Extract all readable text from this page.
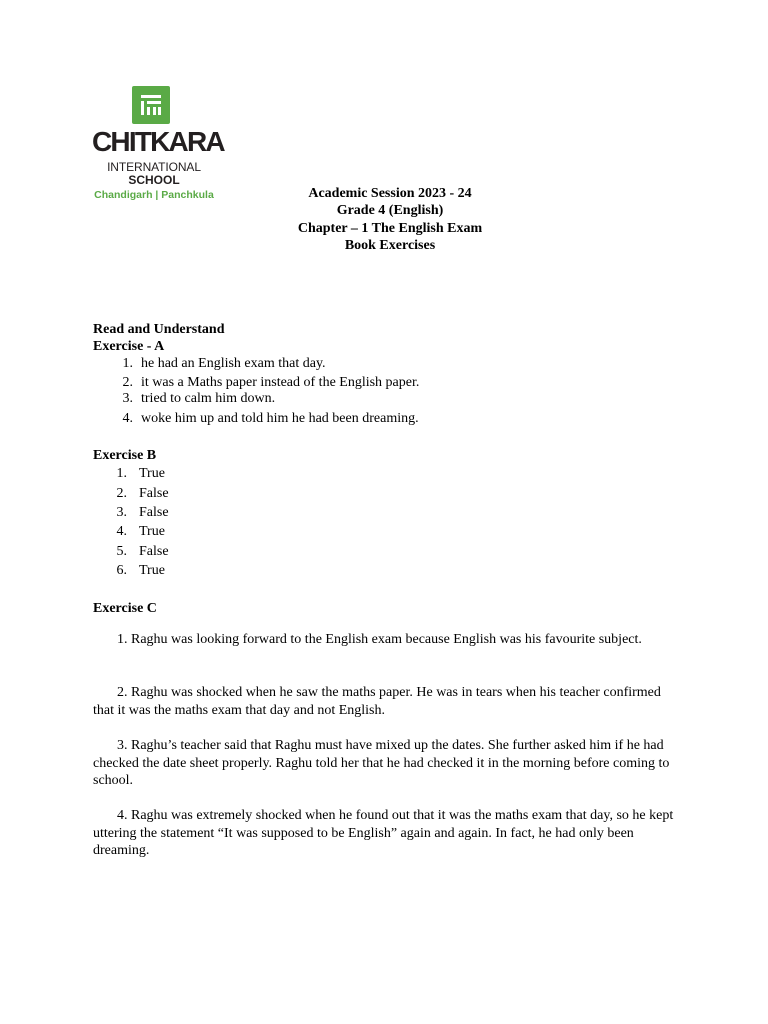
CHITKARA
INTERNATIONAL
SCHOOL
Chandigarh | Panchkula	Academic Session 2023 - 24
Grade 4 (English)
Chapter – 1 The English Exam
Book Exercises
Read and Understand
Exercise - A
1. he had an English exam that day.
2. it was a Maths paper instead of the English paper.
3. tried to calm him down.
4. woke him up and told him he had been dreaming.
Exercise B
1. True
2. False
3. False
4. True
5. False
6. True
Exercise C
1. Raghu was looking forward to the English exam because English was his favourite subject.
2. Raghu was shocked when he saw the maths paper. He was in tears when his teacher confirmed that it was the maths exam that day and not English.
3. Raghu’s teacher said that Raghu must have mixed up the dates. She further asked him if he had checked the date sheet properly. Raghu told her that he had checked it in the morning before coming to school.
4. Raghu was extremely shocked when he found out that it was the maths exam that day, so he kept uttering the statement “It was supposed to be English” again and again. In fact, he had only been dreaming.
